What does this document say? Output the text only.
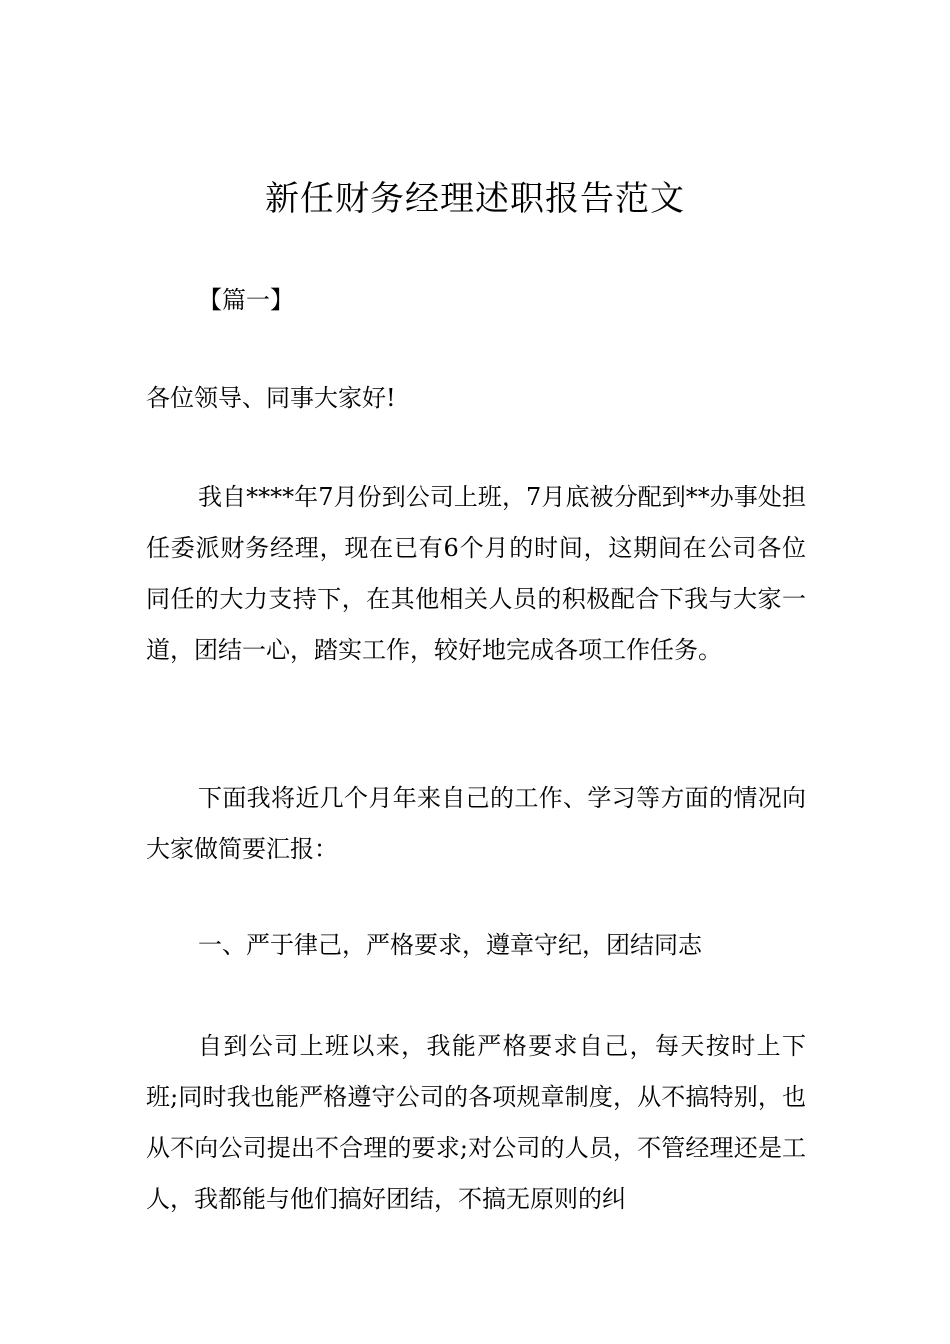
新任财务经理述职报告范文

【篇一】

各位领导、同事大家好!

我自****年7月份到公司上班，7月底被分配到**办事处担任委派财务经理，现在已有6个月的时间，这期间在公司各位同任的大力支持下，在其他相关人员的积极配合下我与大家一道，团结一心，踏实工作，较好地完成各项工作任务。

下面我将近几个月年来自己的工作、学习等方面的情况向大家做简要汇报：

一、严于律己，严格要求，遵章守纪，团结同志

自到公司上班以来，我能严格要求自己，每天按时上下班;同时我也能严格遵守公司的各项规章制度，从不搞特别，也从不向公司提出不合理的要求;对公司的人员，不管经理还是工人，我都能与他们搞好团结，不搞无原则的纠
